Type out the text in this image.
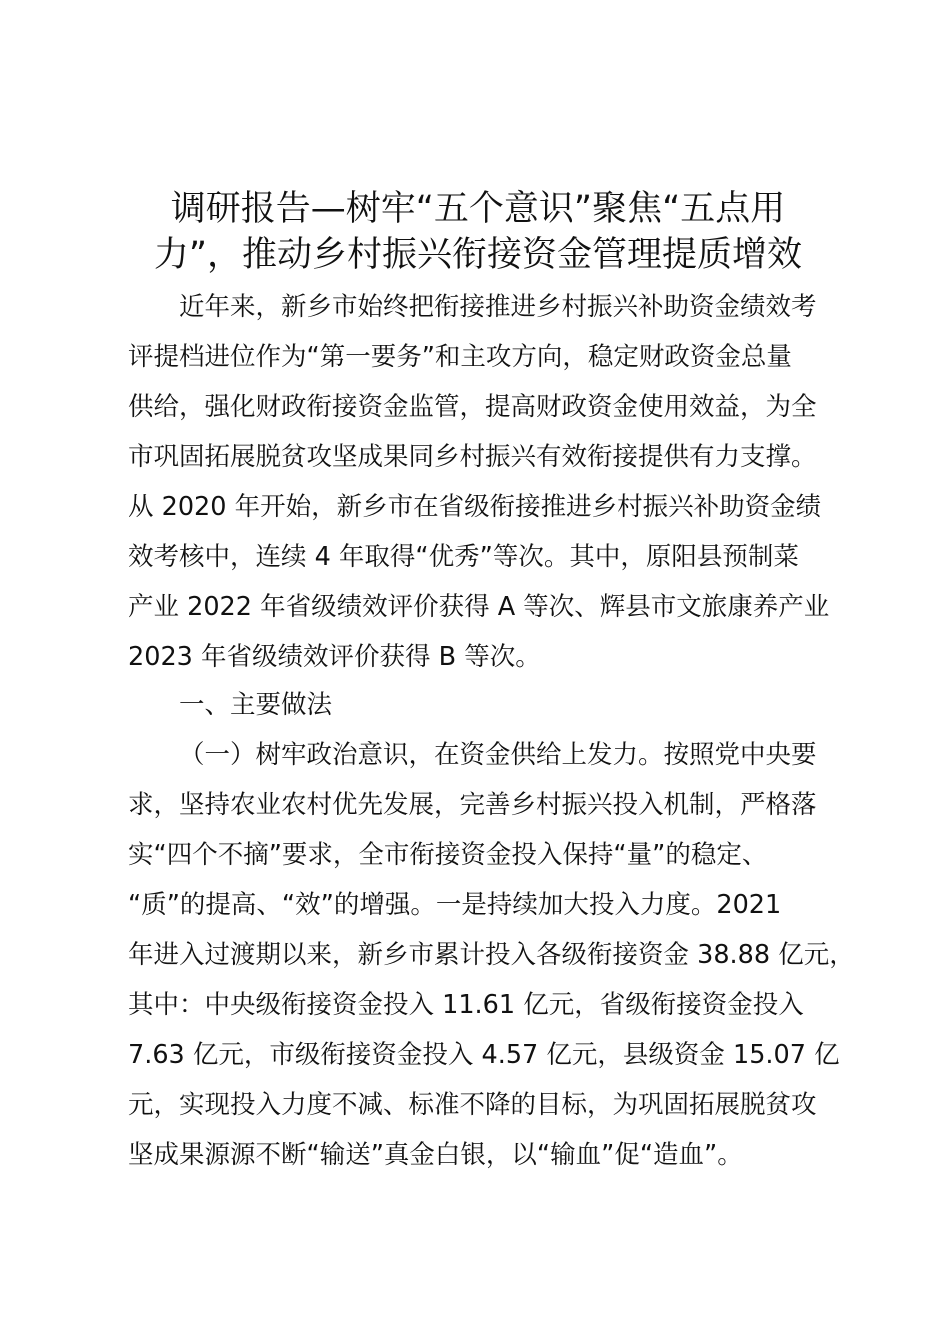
调研报告—树牢“五个意识”聚焦“五点用
力”，推动乡村振兴衔接资金管理提质增效
近年来，新乡市始终把衔接推进乡村振兴补助资金绩效考
评提档进位作为“第一要务”和主攻方向，稳定财政资金总量
供给，强化财政衔接资金监管，提高财政资金使用效益，为全
市巩固拓展脱贫攻坚成果同乡村振兴有效衔接提供有力支撑。
从 2020 年开始，新乡市在省级衔接推进乡村振兴补助资金绩
效考核中，连续 4 年取得“优秀”等次。其中，原阳县预制菜
产业 2022 年省级绩效评价获得 A 等次、辉县市文旅康养产业
2023 年省级绩效评价获得 B 等次。
一、主要做法
（一）树牢政治意识，在资金供给上发力。按照党中央要
求，坚持农业农村优先发展，完善乡村振兴投入机制，严格落
实“四个不摘”要求，全市衔接资金投入保持“量”的稳定、
“质”的提高、“效”的增强。一是持续加大投入力度。2021
年进入过渡期以来，新乡市累计投入各级衔接资金 38.88 亿元，
其中：中央级衔接资金投入 11.61 亿元，省级衔接资金投入
7.63 亿元，市级衔接资金投入 4.57 亿元，县级资金 15.07 亿
元，实现投入力度不减、标准不降的目标，为巩固拓展脱贫攻
坚成果源源不断“输送”真金白银，以“输血”促“造血”。
